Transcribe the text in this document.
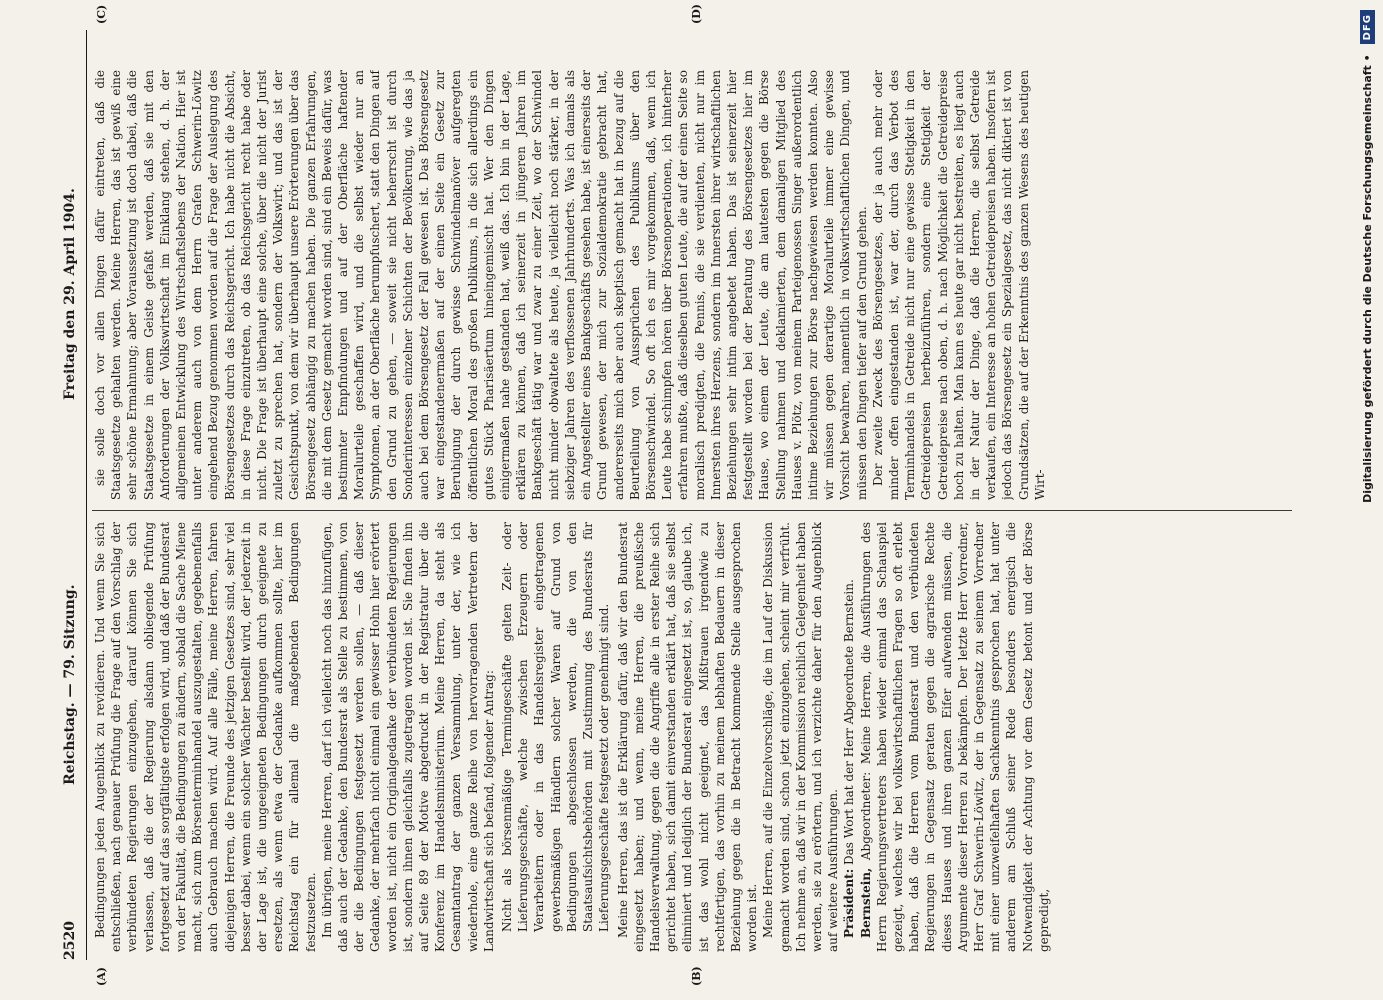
2520
Reichstag. — 79. Sitzung.
Freitag den 29. April 1904.
(A)	(B)
(C)	(D)

Bedingungen jeden Augenblick zu revidieren. Und wenn Sie sich entschließen, nach genauer Prüfung die Frage auf den Vorschlag der verbündeten Regierungen einzugehen, darauf können Sie sich verlassen, daß die der Regierung alsdann obliegende Prüfung fortgesetzt auf das sorgfältigste erfolgen wird, und daß der Bundesrat von der Fakultät, die Bedingungen zu ändern, sobald die Sache Miene macht, sich zum Börsenterminhandel auszugestalten, gegebenenfalls auch Gebrauch machen wird. Auf alle Fälle, meine Herren, fahren diejenigen Herren, die Freunde des jetzigen Gesetzes sind, sehr viel besser dabei, wenn ein solcher Wächter bestellt wird, der jederzeit in der Lage ist, die ungeeigneten Bedingungen durch geeignete zu ersetzen, als wenn etwa der Gedanke aufkommen sollte, hier im Reichstag ein für allemal die maßgebenden Bedingungen festzusetzen. Im übrigen, meine Herren, darf ich vielleicht noch das hinzufügen, daß auch der Gedanke, den Bundesrat als Stelle zu bestimmen, von der die Bedingungen festgesetzt werden sollen, — daß dieser Gedanke, der mehrfach nicht einmal ein gewisser Hohn hier erörtert worden ist, nicht ein Originalgedanke der verbündeten Regierungen ist, sondern ihnen gleichfalls zugetragen worden ist. Sie finden ihn auf Seite 89 der Motive abgedruckt in der Registratur über die Konferenz im Handelsministerium. Meine Herren, da steht als Gesamtantrag der ganzen Versammlung, unter der, wie ich wiederhole, eine ganze Reihe von hervorragenden Vertretern der Landwirtschaft sich befand, folgender Antrag: Nicht als börsenmäßige Termingeschäfte gelten Zeit- oder Lieferungsgeschäfte, welche zwischen Erzeugern oder Verarbeitern oder in das Handelsregister eingetragenen gewerbsmäßigen Händlern solcher Waren auf Grund von Bedingungen abgeschlossen werden, die von den Staatsaufsichtsbehörden mit Zustimmung des Bundesrats für Lieferungsgeschäfte festgesetzt oder genehmigt sind. Meine Herren, das ist die Erklärung dafür, daß wir den Bundesrat eingesetzt haben; und wenn, meine Herren, die preußische Handelsverwaltung, gegen die die Angriffe alle in erster Reihe sich gerichtet haben, sich damit einverstanden erklärt hat, daß sie selbst eliminiert und lediglich der Bundesrat eingesetzt ist, so, glaube ich, ist das wohl nicht geeignet, das Mißtrauen irgendwie zu rechtfertigen, das vorhin zu meinem lebhaften Bedauern in dieser Beziehung gegen die in Betracht kommende Stelle ausgesprochen worden ist. Meine Herren, auf die Einzelvorschläge, die im Lauf der Diskussion gemacht worden sind, schon jetzt einzugehen, scheint mir verfrüht. Ich nehme an, daß wir in der Kommission reichlich Gelegenheit haben werden, sie zu erörtern, und ich verzichte daher für den Augenblick auf weitere Ausführungen. Präsident: Das Wort hat der Herr Abgeordnete Bernstein.

Bernstein, Abgeordneter: Meine Herren, die Ausführungen des Herrn Regierungsvertreters haben wieder einmal das Schauspiel gezeigt, welches wir bei volkswirtschaftlichen Fragen so oft erlebt haben, daß die Herren vom Bundesrat und den verbündeten Regierungen in Gegensatz geraten gegen die agrarische Rechte dieses Hauses und ihren ganzen Eifer aufwenden müssen, die Argumente dieser Herren zu bekämpfen. Der letzte Herr Vorredner, Herr Graf Schwerin-Löwitz, der in Gegensatz zu seinem Vorredner mit einer unzweifelhaften Sachkenntnis gesprochen hat, hat unter anderem am Schluß seiner Rede besonders energisch die Notwendigkeit der Achtung vor dem Gesetz betont und der Börse gepredigt,

sie solle doch vor allen Dingen dafür eintreten, daß die Staatsgesetze gehalten werden. Meine Herren, das ist gewiß eine sehr schöne Ermahnung; aber Voraussetzung ist doch dabei, daß die Staatsgesetze in einem Geiste gefaßt werden, daß sie mit den Anforderungen der Volkswirtschaft im Einklang stehen, d. h. der allgemeinen Entwicklung des Wirtschaftslebens der Nation. Hier ist unter anderem auch von dem Herrn Grafen Schwerin-Löwitz eingehend Bezug genommen worden auf die Frage der Auslegung des Börsengesetzes durch das Reichsgericht. Ich habe nicht die Absicht, in diese Frage einzutreten, ob das Reichsgericht recht habe oder nicht. Die Frage ist überhaupt eine solche, über die nicht der Jurist zuletzt zu sprechen hat, sondern der Volkswirt; und das ist der Gesichtspunkt, von dem wir überhaupt unsere Erörterungen über das Börsengesetz abhängig zu machen haben. Die ganzen Erfahrungen, die mit dem Gesetz gemacht worden sind, sind ein Beweis dafür, was bestimmter Empfindungen und auf der Oberfläche haftender Moralurteile geschaffen wird, und die selbst wieder nur an Symptomen, an der Oberfläche herumpfuschert, statt den Dingen auf den Grund zu gehen, — soweit sie nicht beherrscht ist durch Sonderinteressen einzelner Schichten der Bevölkerung, wie das ja auch bei dem Börsengesetz der Fall gewesen ist. Das Börsengesetz war eingestandenermaßen auf der einen Seite ein Gesetz zur Beruhigung der durch gewisse Schwindelmanöver aufgeregten öffentlichen Moral des großen Publikums, in die sich allerdings ein gutes Stück Pharisäertum hineingemischt hat. Wer den Dingen einigermaßen nahe gestanden hat, weiß das. Ich bin in der Lage, erklären zu können, daß ich seinerzeit in jüngeren Jahren im Bankgeschäft tätig war und zwar zu einer Zeit, wo der Schwindel nicht minder obwaltete als heute, ja vielleicht noch stärker, in der siebziger Jahren des verflossenen Jahrhunderts. Was ich damals als ein Angestellter eines Bankgeschäfts gesehen habe, ist einerseits der Grund gewesen, der mich zur Sozialdemokratie gebracht hat, andererseits mich aber auch skeptisch gemacht hat in bezug auf die Beurteilung von Aussprüchen des Publikums über den Börsenschwindel. So oft ich es mir vorgekommen, daß, wenn ich Leute habe schimpfen hören über Börsenoperationen, ich hinterher erfahren mußte, daß dieselben guten Leute, die auf der einen Seite so moralisch predigten, die Pennis, die sie verdienten, nicht nur im Innersten ihres Herzens, sondern im Innersten ihrer wirtschaftlichen Beziehungen sehr intim angebetet haben. Das ist seinerzeit hier festgestellt worden bei der Beratung des Börsengesetzes hier im Hause, wo einem der Leute, die am lautesten gegen die Börse Stellung nahmen und deklamierten, dem damaligen Mitglied des Hauses v. Plötz, von meinem Parteigenossen Singer außerordentlich intime Beziehungen zur Börse nachgewiesen werden konnten. Also wir müssen gegen derartige Moralurteile immer eine gewisse Vorsicht bewahren, namentlich in volkswirtschaftlichen Dingen, und müssen den Dingen tiefer auf den Grund gehen. Der zweite Zweck des Börsengesetzes, der ja auch mehr oder minder offen eingestanden ist, war der, durch das Verbot des Terminhandels in Getreide nicht nur eine gewisse Stetigkeit in den Getreidepreisen herbeizuführen, sondern eine Stetigkeit der Getreidepreise nach oben, d. h. nach Möglichkeit die Getreidepreise hoch zu halten. Man kann es heute gar nicht bestreiten, es liegt auch in der Natur der Dinge, daß die Herren, die selbst Getreide verkaufen, ein Interesse an hohen Getreidepreisen haben. Insofern ist jedoch das Börsengesetz ein Spezialgesetz, das nicht diktiert ist von Grundsätzen, die auf der Erkenntnis des ganzen Wesens des heutigen Wirt-	Digitalisierung gefördert durch die Deutsche Forschungsgemeinschaft •
DFG
